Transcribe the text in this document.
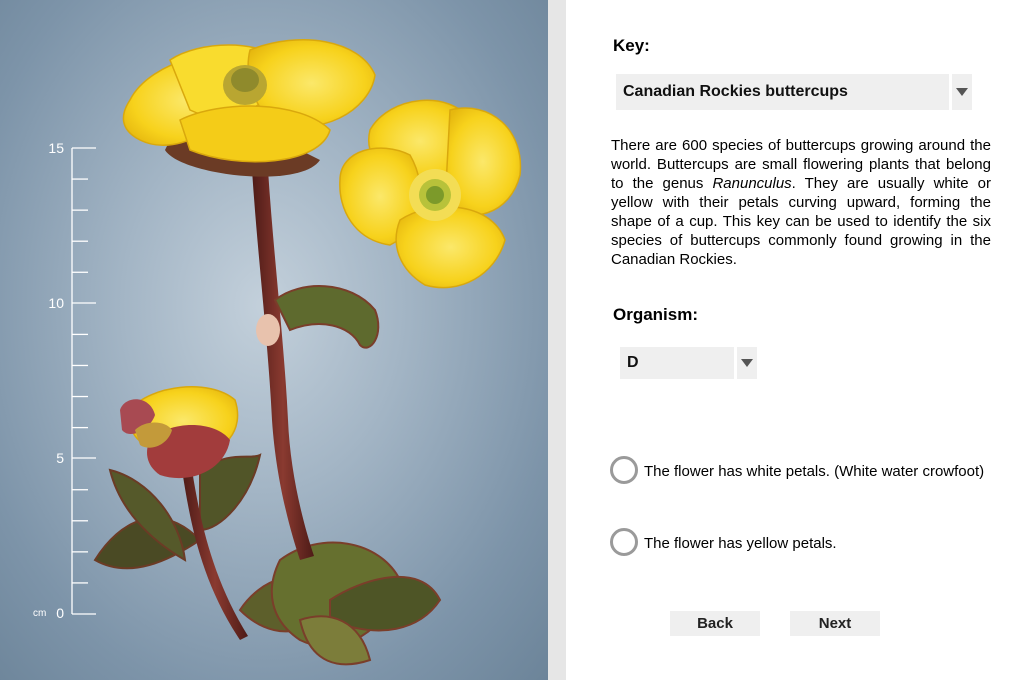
15
10
5
0
cm
Key:
Canadian Rockies buttercups
There are 600 species of buttercups growing around the world. Buttercups are small flowering plants that belong to the genus Ranunculus. They are usually white or yellow with their petals curving upward, forming the shape of a cup. This key can be used to identify the six species of buttercups commonly found growing in the Canadian Rockies.
Organism:
D
The flower has white petals. (White water crowfoot)
The flower has yellow petals.
Back	Next
